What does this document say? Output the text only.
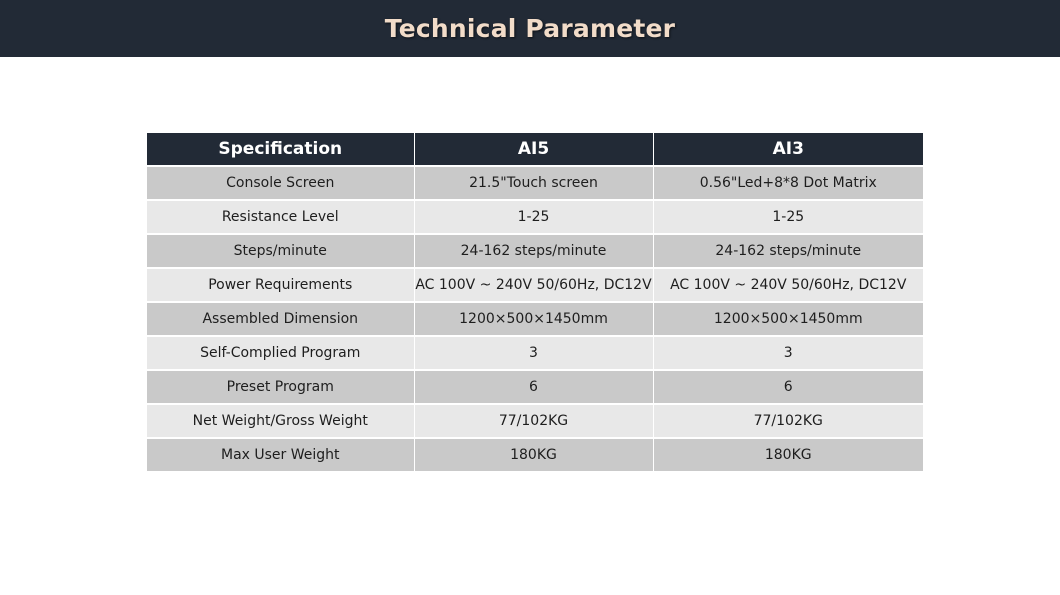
Technical Parameter
Specification	AI5	AI3
Console Screen	21.5"Touch screen	0.56"Led+8*8 Dot Matrix
Resistance Level	1-25	1-25
Steps/minute	24-162 steps/minute	24-162 steps/minute
Power Requirements	AC 100V ~ 240V 50/60Hz, DC12V	AC 100V ~ 240V 50/60Hz, DC12V
Assembled Dimension	1200×500×1450mm	1200×500×1450mm
Self-Complied Program	3	3
Preset Program	6	6
Net Weight/Gross Weight	77/102KG	77/102KG
Max User Weight	180KG	180KG
